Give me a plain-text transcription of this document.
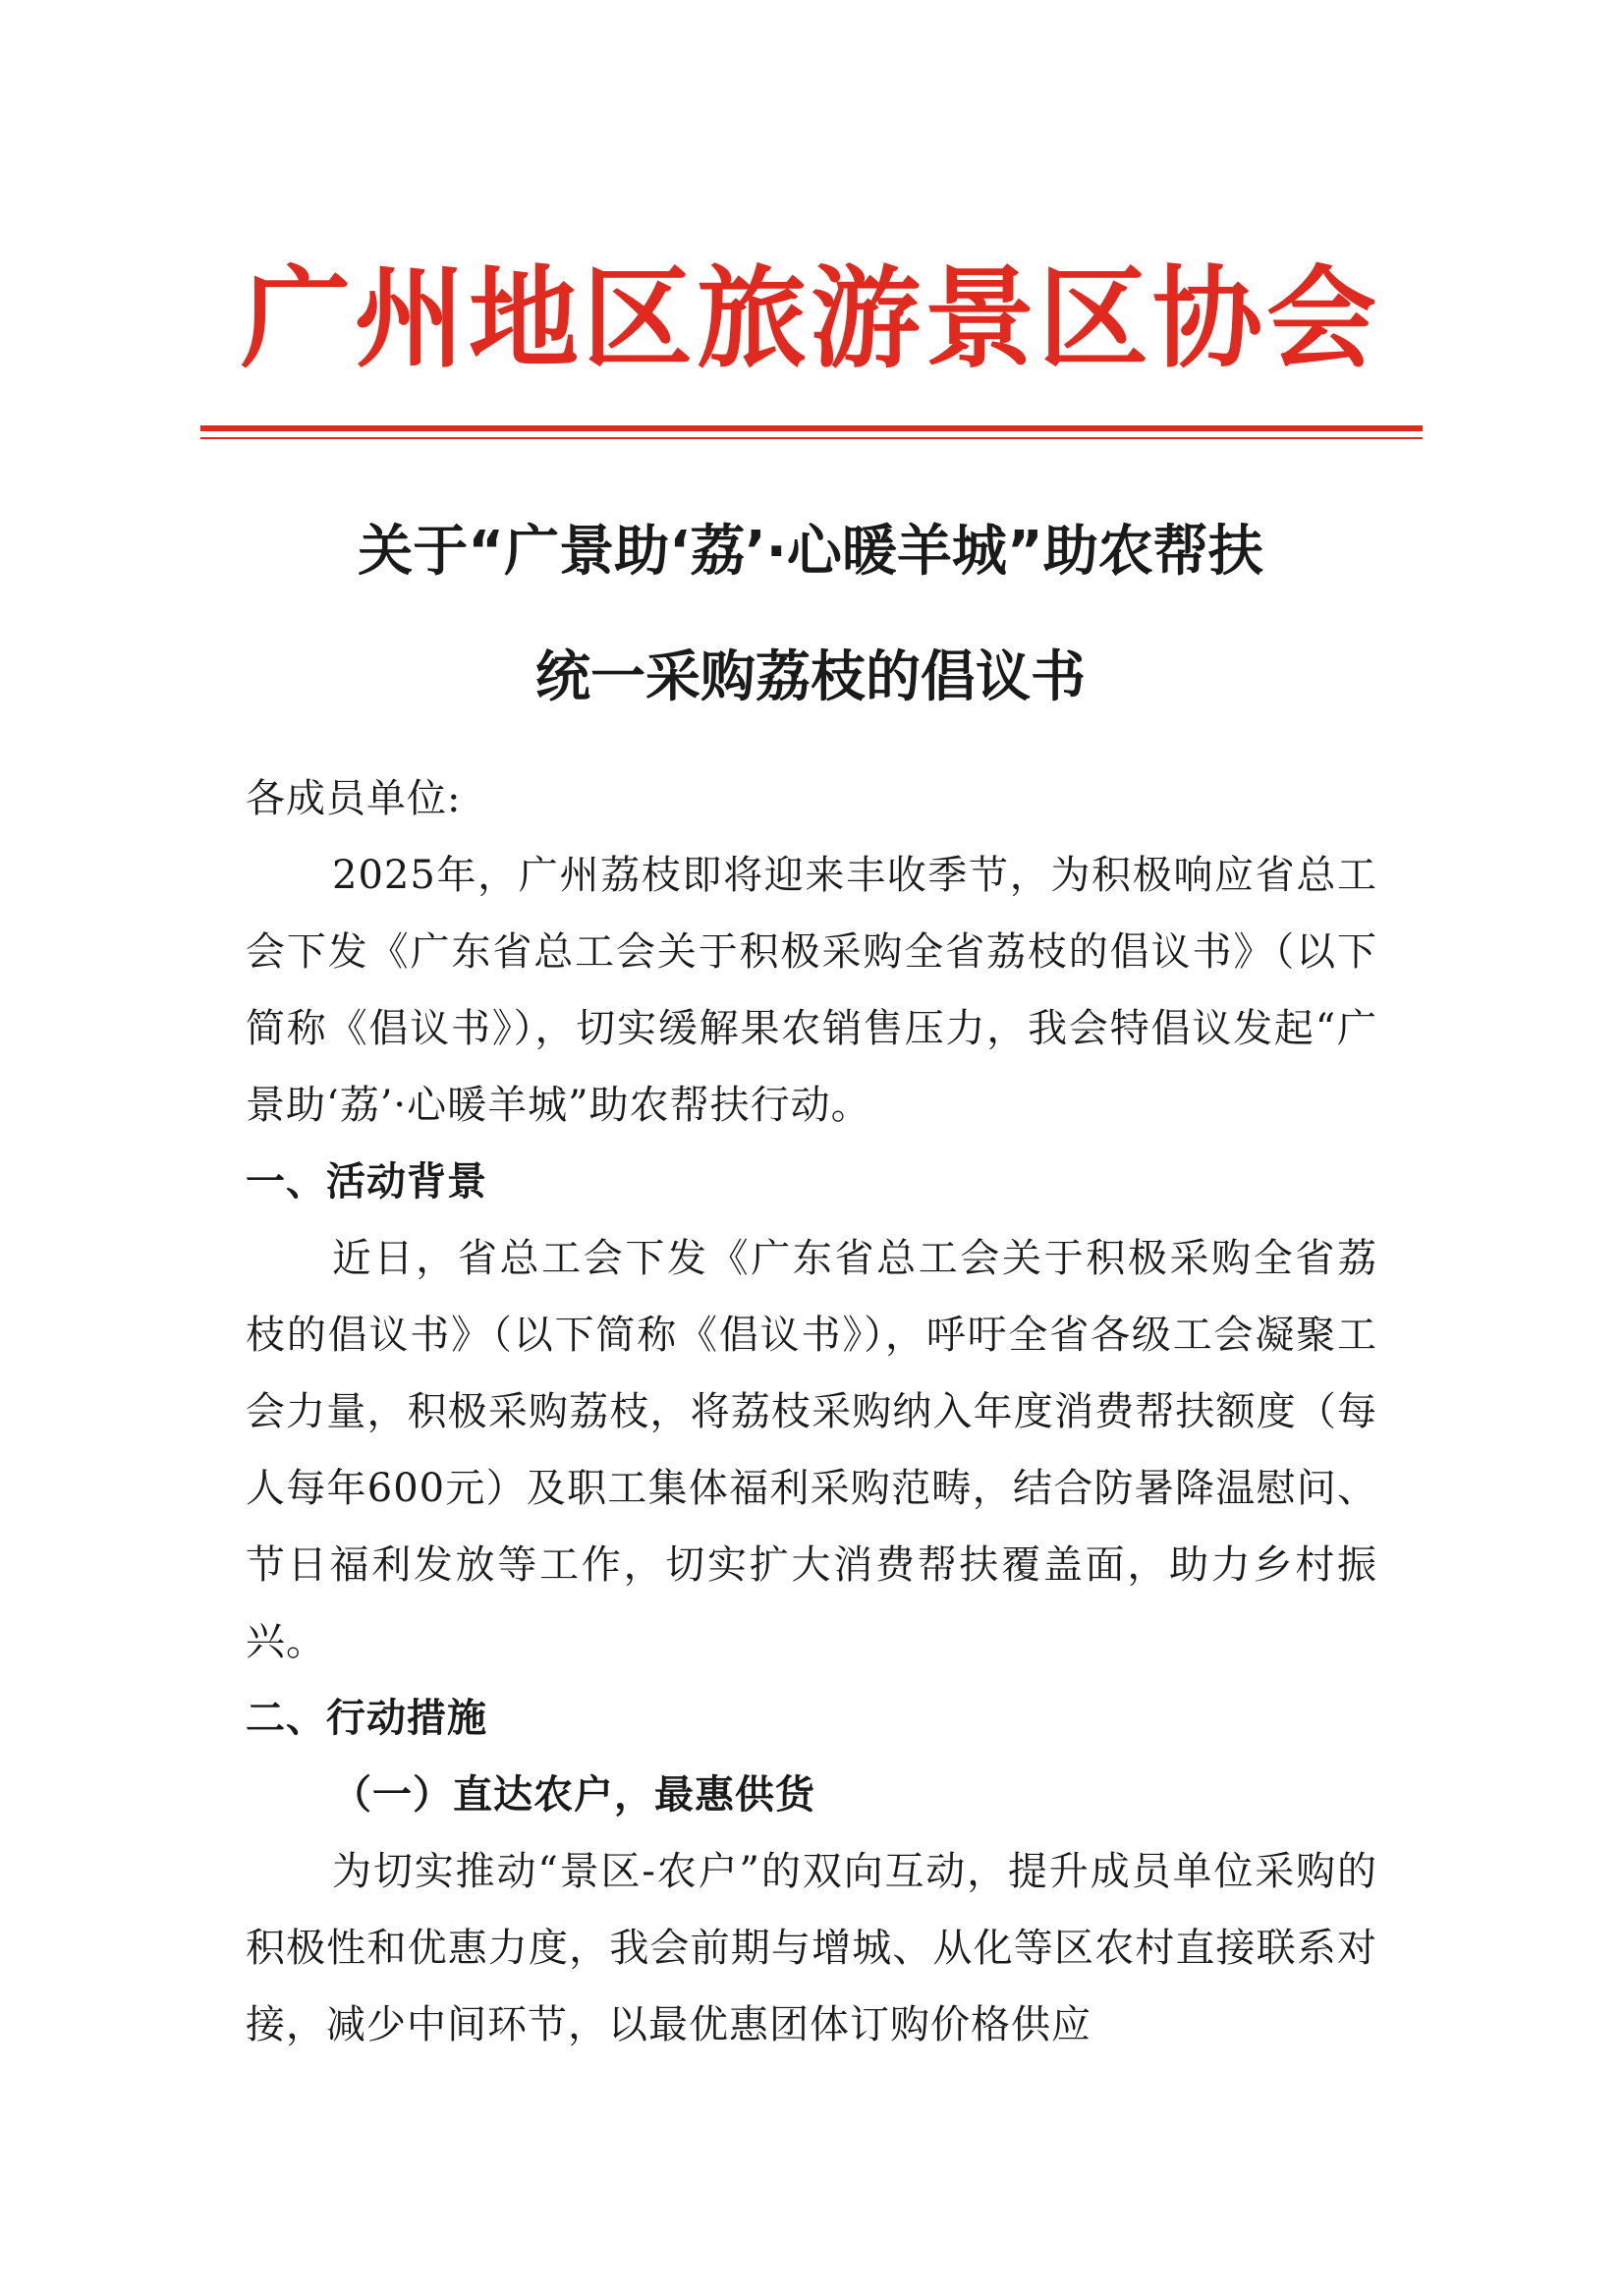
广州地区旅游景区协会
关于“广景助‘荔’·心暖羊城”助农帮扶
统一采购荔枝的倡议书

各成员单位:

2025年，广州荔枝即将迎来丰收季节，为积极响应省总工会下发《广东省总工会关于积极采购全省荔枝的倡议书》（以下简称《倡议书》），切实缓解果农销售压力，我会特倡议发起“广景助‘荔’·心暖羊城”助农帮扶行动。

一、活动背景

近日，省总工会下发《广东省总工会关于积极采购全省荔枝的倡议书》（以下简称《倡议书》），呼吁全省各级工会凝聚工会力量，积极采购荔枝，将荔枝采购纳入年度消费帮扶额度（每人每年600元）及职工集体福利采购范畴，结合防暑降温慰问、节日福利发放等工作，切实扩大消费帮扶覆盖面，助力乡村振兴。

二、行动措施

（一）直达农户，最惠供货

为切实推动“景区-农户”的双向互动，提升成员单位采购的积极性和优惠力度，我会前期与增城、从化等区农村直接联系对接，减少中间环节，以最优惠团体订购价格供应
